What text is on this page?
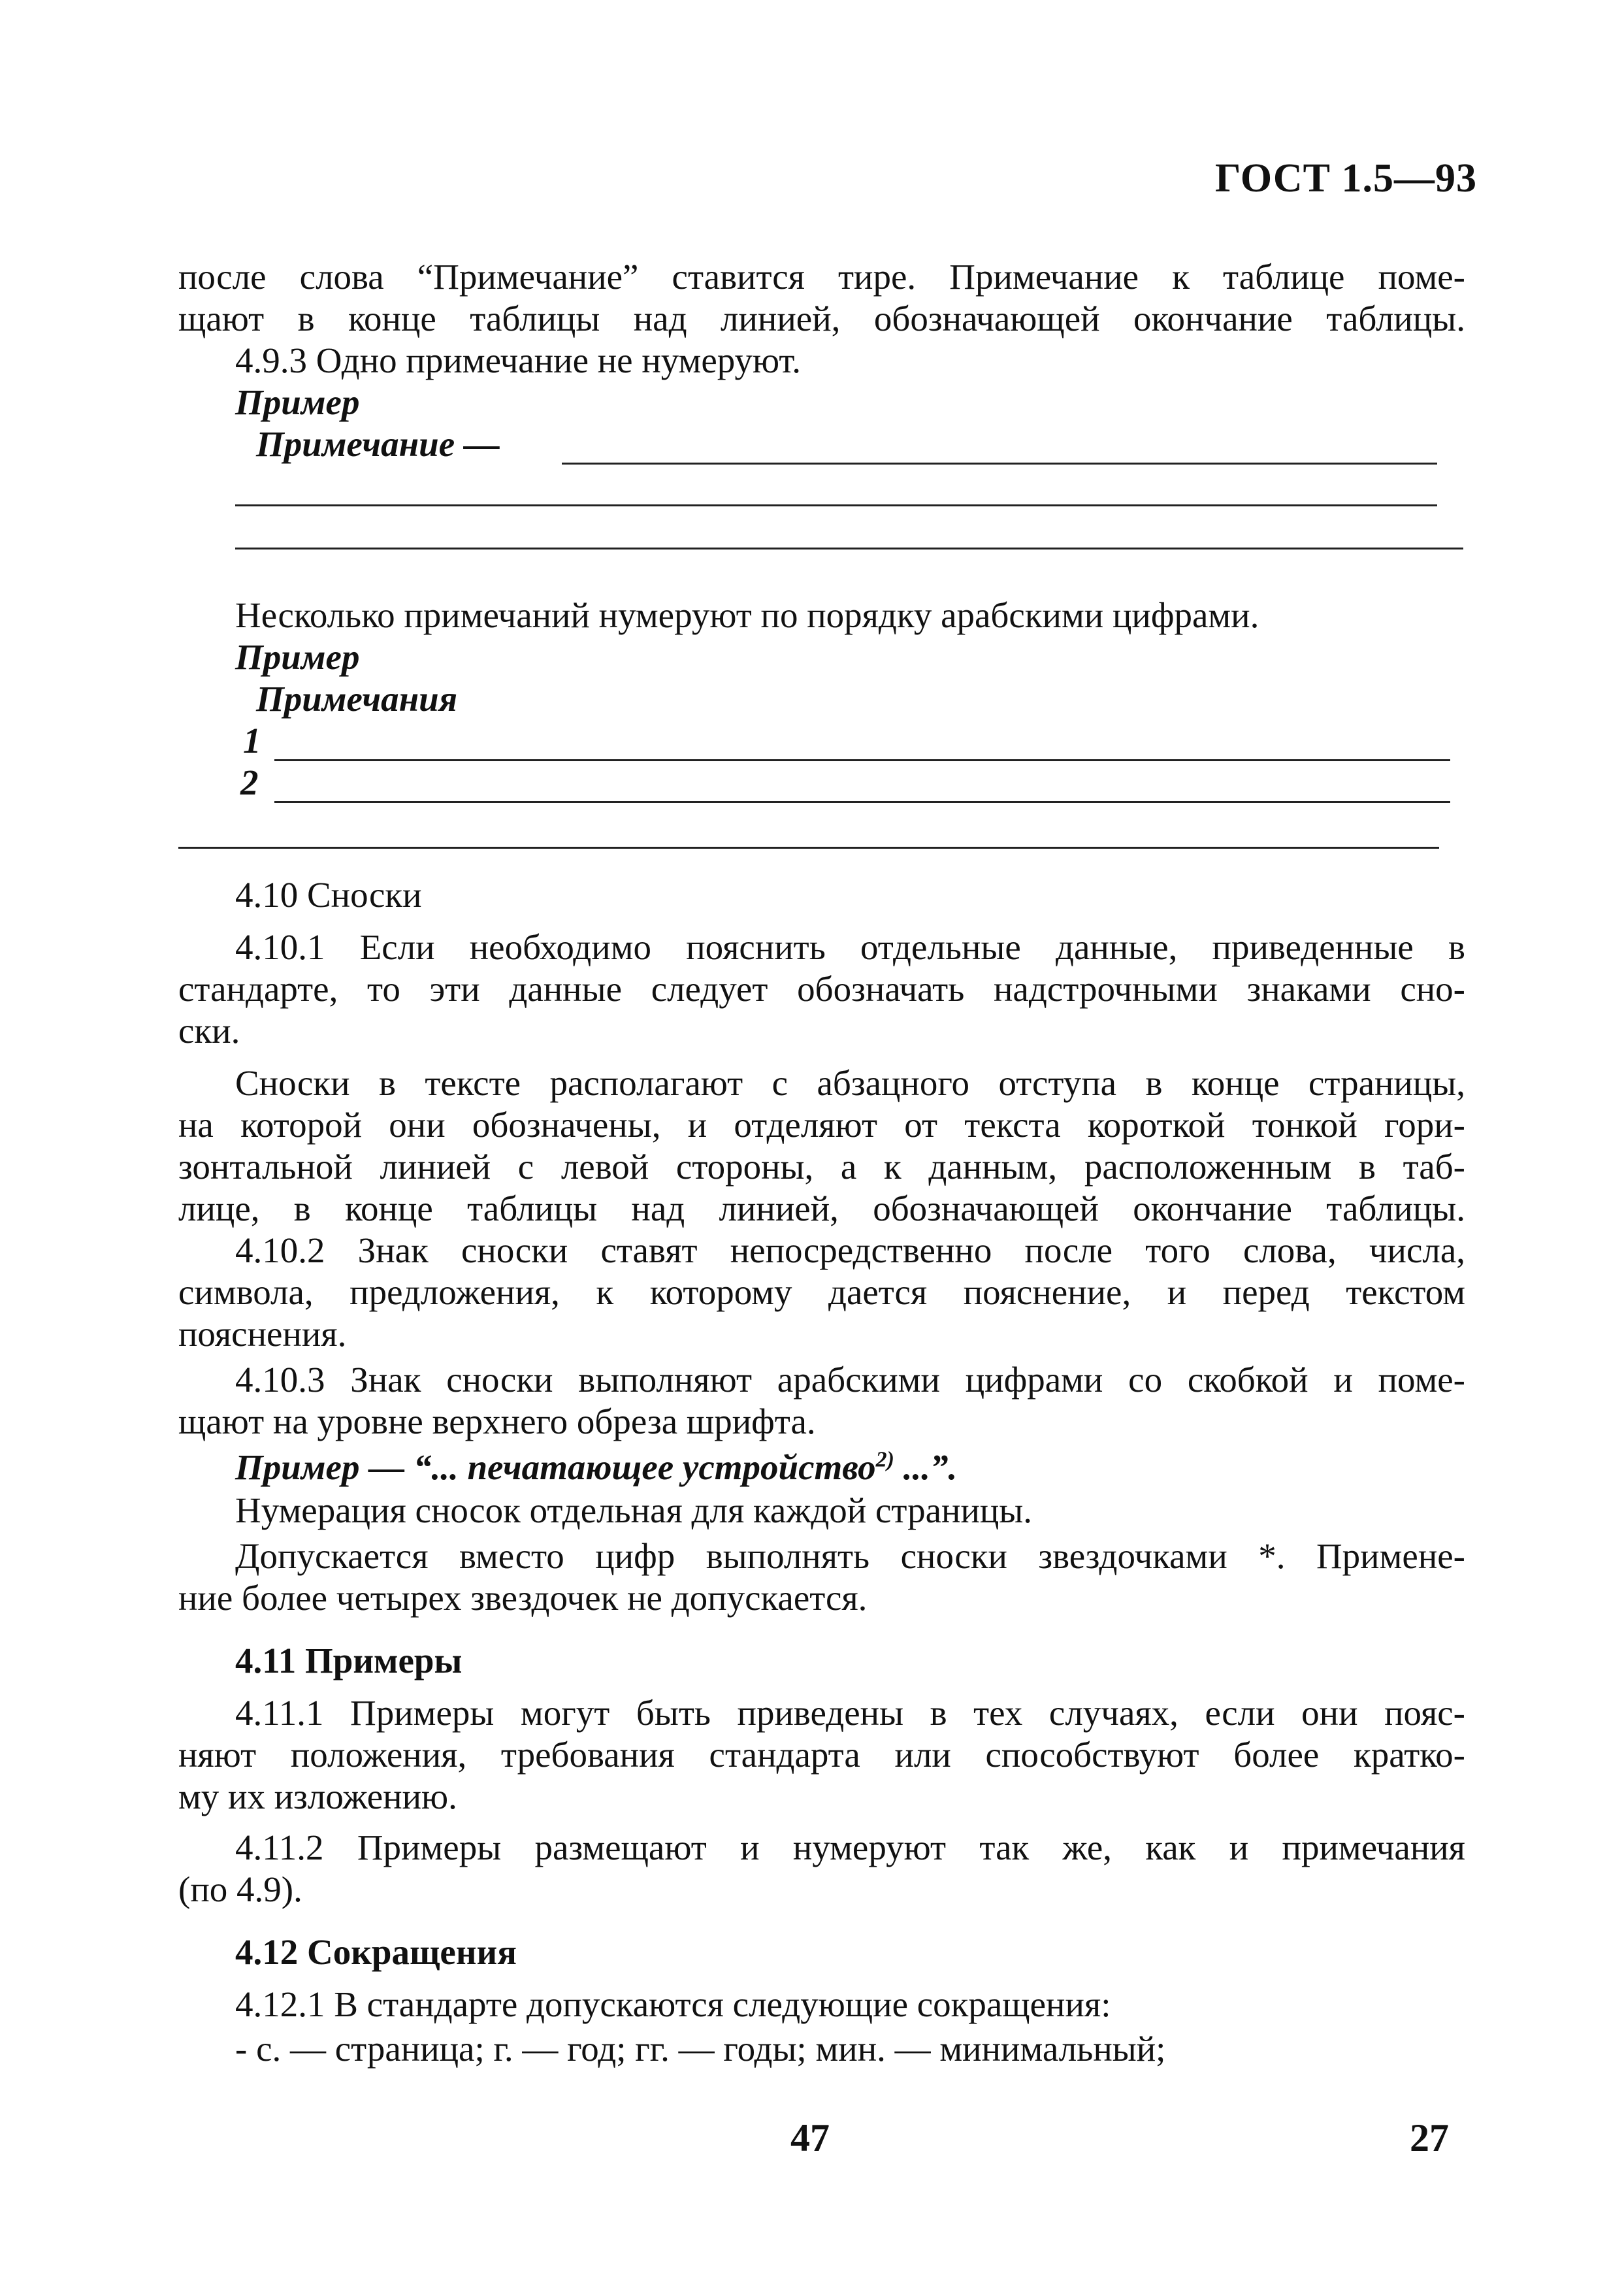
ГОСТ 1.5—93
после слова “Примечание” ставится тире. Примечание к таблице поме-
щают в конце таблицы над линией, обозначающей окончание таблицы.
4.9.3 Одно примечание не нумеруют.
Пример
Примечание —
Несколько примечаний нумеруют по порядку арабскими цифрами.
Пример
Примечания
1
2
4.10 Сноски
4.10.1 Если необходимо пояснить отдельные данные, приведенные в
стандарте, то эти данные следует обозначать надстрочными знаками сно-
ски.
Сноски в тексте располагают с абзацного отступа в конце страницы,
на которой они обозначены, и отделяют от текста короткой тонкой гори-
зонтальной линией с левой стороны, а к данным, расположенным в таб-
лице, в конце таблицы над линией, обозначающей окончание таблицы.
4.10.2 Знак сноски ставят непосредственно после того слова, числа,
символа, предложения, к которому дается пояснение, и перед текстом
пояснения.
4.10.3 Знак сноски выполняют арабскими цифрами со скобкой и поме-
щают на уровне верхнего обреза шрифта.
Пример — “... печатающее устройство$^{2)}$ ...”.
Нумерация сносок отдельная для каждой страницы.
Допускается вместо цифр выполнять сноски звездочками *. Примене-
ние более четырех звездочек не допускается.
4.11 Примеры
4.11.1 Примеры могут быть приведены в тех случаях, если они пояс-
няют положения, требования стандарта или способствуют более кратко-
му их изложению.
4.11.2 Примеры размещают и нумеруют так же, как и примечания
(по 4.9).
4.12 Сокращения
4.12.1 В стандарте допускаются следующие сокращения:
- с. — страница; г. — год; гг. — годы; мин. — минимальный;
47	27
